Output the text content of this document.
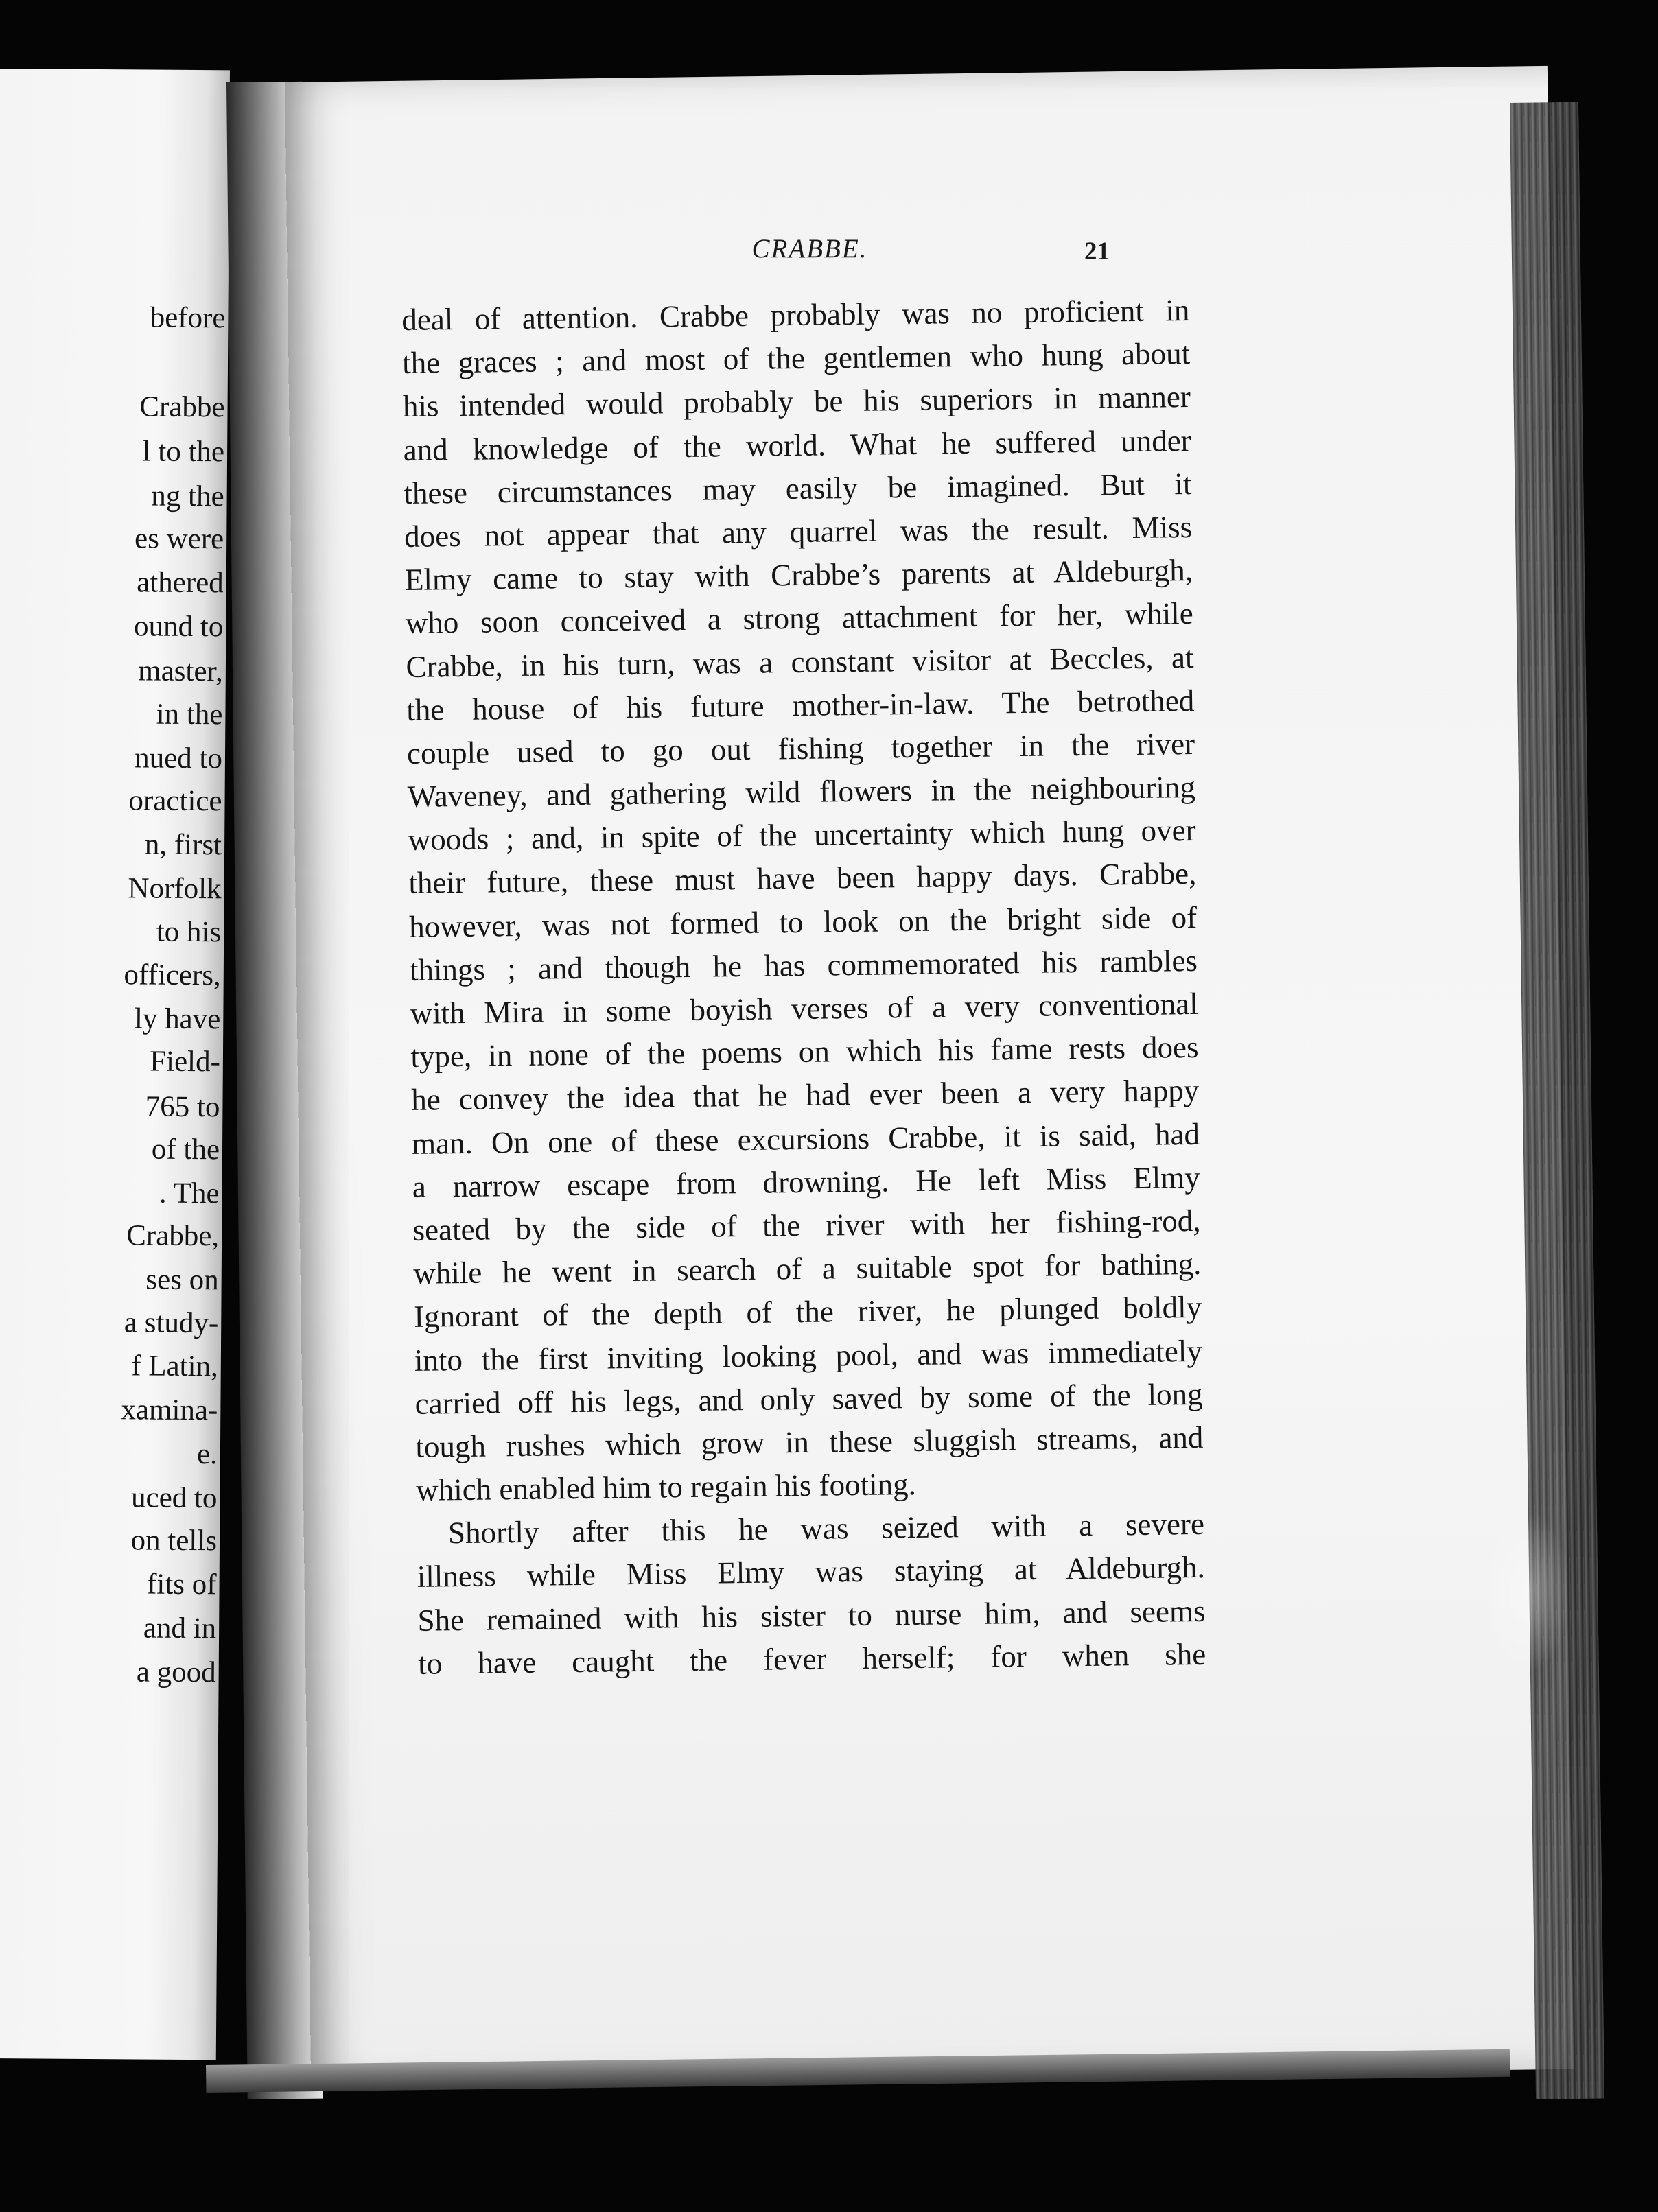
before
Crabbe
l to the
ng the
es were
athered
ound to
master,
in the
nued to
oractice
n, first
Norfolk
to his
officers,
ly have
Field-
765 to
of the
. The
Crabbe,
ses on
a study-
f Latin,
xamina-
e.
uced to
on tells
fits of
and in
a good
CRABBE.	21
deal of attention. Crabbe probably was no proficient in
the graces ; and most of the gentlemen who hung about
his intended would probably be his superiors in manner
and knowledge of the world. What he suffered under
these circumstances may easily be imagined. But it
does not appear that any quarrel was the result. Miss
Elmy came to stay with Crabbe’s parents at Aldeburgh,
who soon conceived a strong attachment for her, while
Crabbe, in his turn, was a constant visitor at Beccles, at
the house of his future mother-in-law. The betrothed
couple used to go out fishing together in the river
Waveney, and gathering wild flowers in the neighbouring
woods ; and, in spite of the uncertainty which hung over
their future, these must have been happy days. Crabbe,
however, was not formed to look on the bright side of
things ; and though he has commemorated his rambles
with Mira in some boyish verses of a very conventional
type, in none of the poems on which his fame rests does
he convey the idea that he had ever been a very happy
man. On one of these excursions Crabbe, it is said, had
a narrow escape from drowning. He left Miss Elmy
seated by the side of the river with her fishing-rod,
while he went in search of a suitable spot for bathing.
Ignorant of the depth of the river, he plunged boldly
into the first inviting looking pool, and was immediately
carried off his legs, and only saved by some of the long
tough rushes which grow in these sluggish streams, and
which enabled him to regain his footing.
Shortly after this he was seized with a severe
illness while Miss Elmy was staying at Aldeburgh.
She remained with his sister to nurse him, and seems
to have caught the fever herself; for when she
